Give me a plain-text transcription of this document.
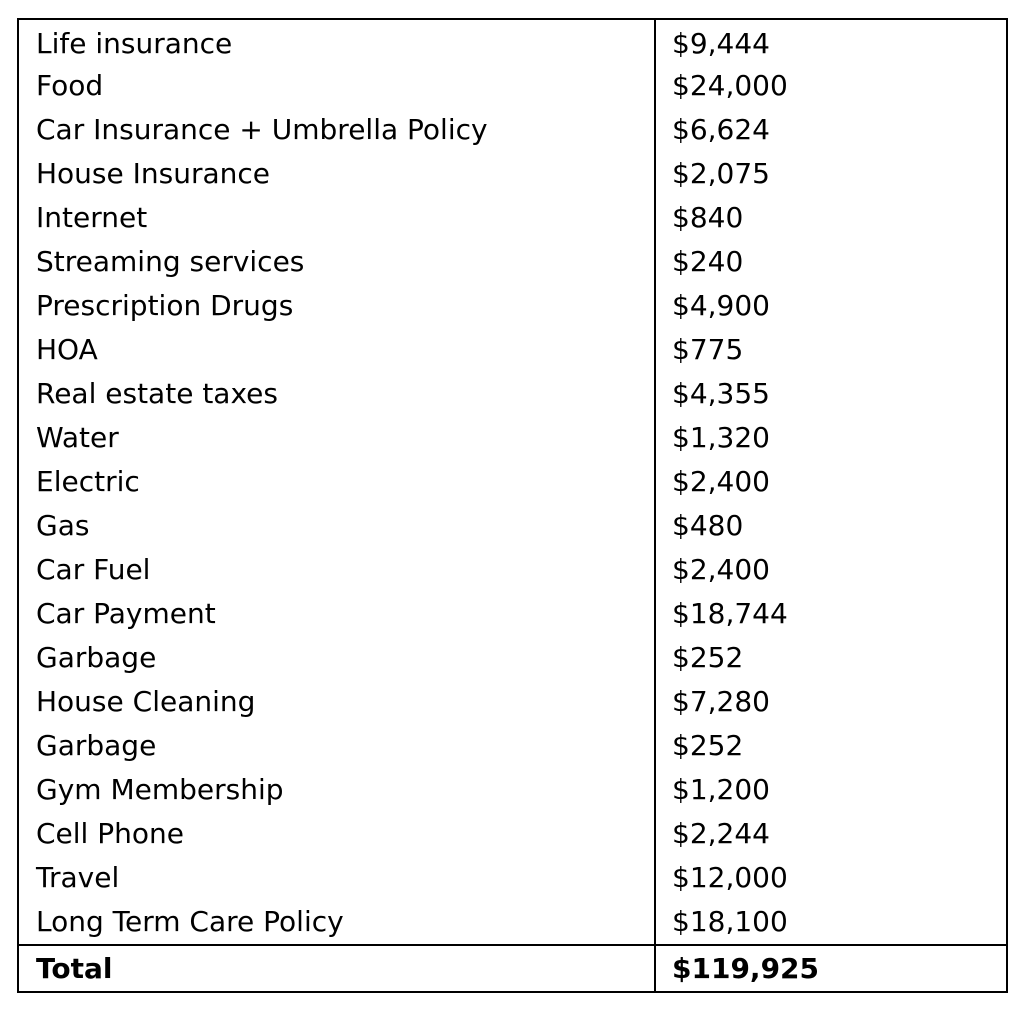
Life insurance	$9,444
Food	$24,000
Car Insurance + Umbrella Policy	$6,624
House Insurance	$2,075
Internet	$840
Streaming services	$240
Prescription Drugs	$4,900
HOA	$775
Real estate taxes	$4,355
Water	$1,320
Electric	$2,400
Gas	$480
Car Fuel	$2,400
Car Payment	$18,744
Garbage	$252
House Cleaning	$7,280
Garbage	$252
Gym Membership	$1,200
Cell Phone	$2,244
Travel	$12,000
Long Term Care Policy	$18,100
Total	$119,925
